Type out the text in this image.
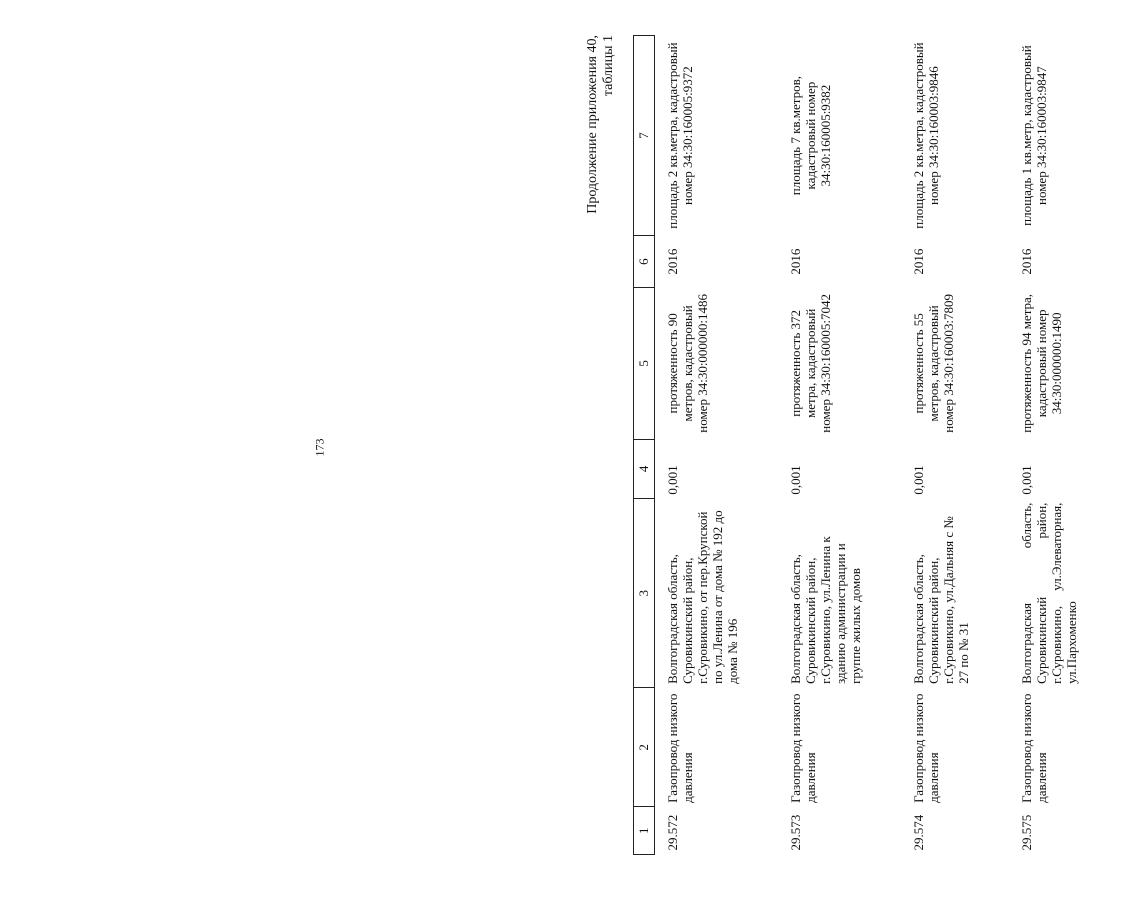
173
Продолжение приложения 40, таблицы 1
1	2	3	4	5	6	7
29.572	Газопровод низкого давления	Волгоградская область, Суровикинский район, г.Суровикино, от пер.Крупской по ул.Ленина от дома № 192 до дома № 196	0,001	протяженность 90 метров, кадастровый номер 34:30:000000:1486	2016	площадь 2 кв.метра, кадастровый номер 34:30:160005:9372
29.573	Газопровод низкого давления	Волгоградская область, Суровикинский район, г.Суровикино, ул.Ленина к зданию администрации и группе жилых домов	0,001	протяженность 372 метра, кадастровый номер 34:30:160005:7042	2016	площадь 7 кв.метров, кадастровый номер 34:30:160005:9382
29.574	Газопровод низкого давления	Волгоградская область, Суровикинский район, г.Суровикино, ул.Дальняя с № 27 по № 31	0,001	протяженность 55 метров, кадастровый номер 34:30:160003:7809	2016	площадь 2 кв.метра, кадастровый номер 34:30:160003:9846
29.575	Газопровод низкого давления	Волгоградская область, Суровикинский район, г.Суровикино, ул.Элеваторная, ул.Пархоменко	0,001	протяженность 94 метра, кадастровый номер 34:30:000000:1490	2016	площадь 1 кв.метр, кадастровый номер 34:30:160003:9847
